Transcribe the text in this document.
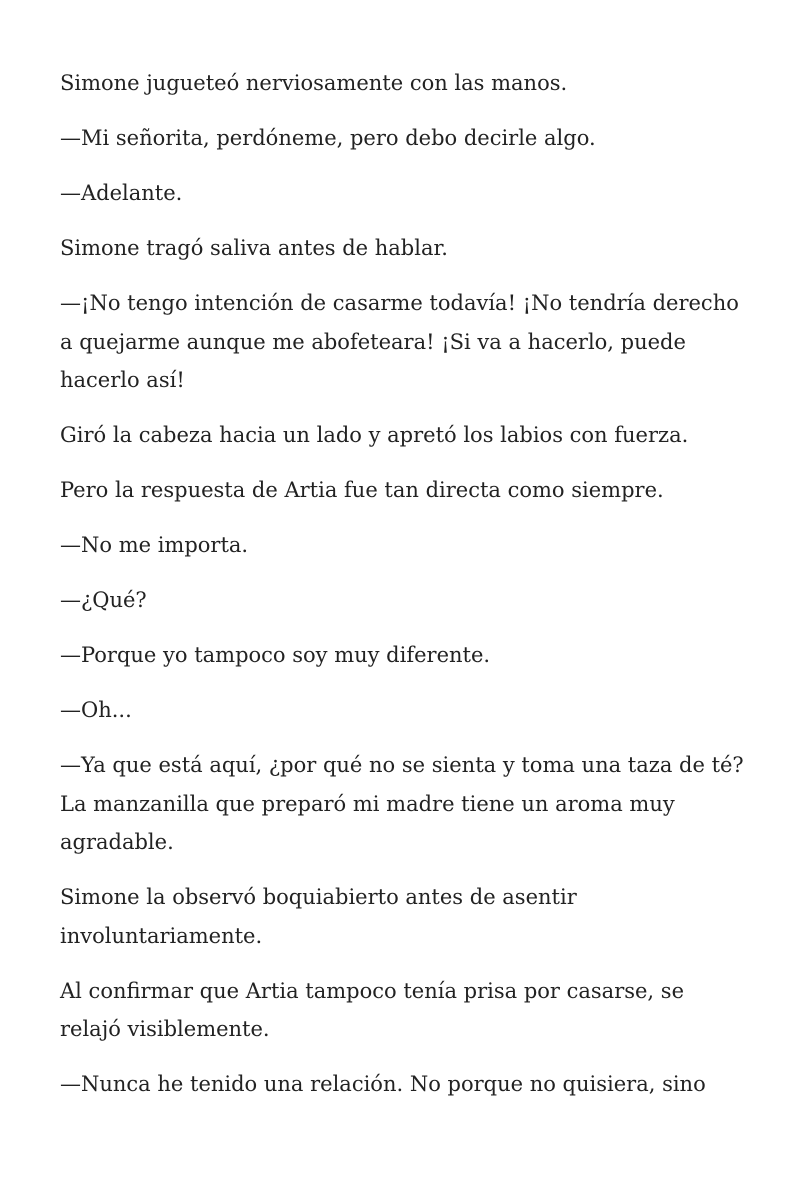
Simone jugueteó nerviosamente con las manos.

—Mi señorita, perdóneme, pero debo decirle algo.

—Adelante.

Simone tragó saliva antes de hablar.

—¡No tengo intención de casarme todavía! ¡No tendría derecho a quejarme aunque me abofeteara! ¡Si va a hacerlo, puede hacerlo así!

Giró la cabeza hacia un lado y apretó los labios con fuerza.

Pero la respuesta de Artia fue tan directa como siempre.

—No me importa.

—¿Qué?

—Porque yo tampoco soy muy diferente.

—Oh...

—Ya que está aquí, ¿por qué no se sienta y toma una taza de té? La manzanilla que preparó mi madre tiene un aroma muy agradable.

Simone la observó boquiabierto antes de asentir involuntariamente.

Al confirmar que Artia tampoco tenía prisa por casarse, se relajó visiblemente.

—Nunca he tenido una relación. No porque no quisiera, sino
